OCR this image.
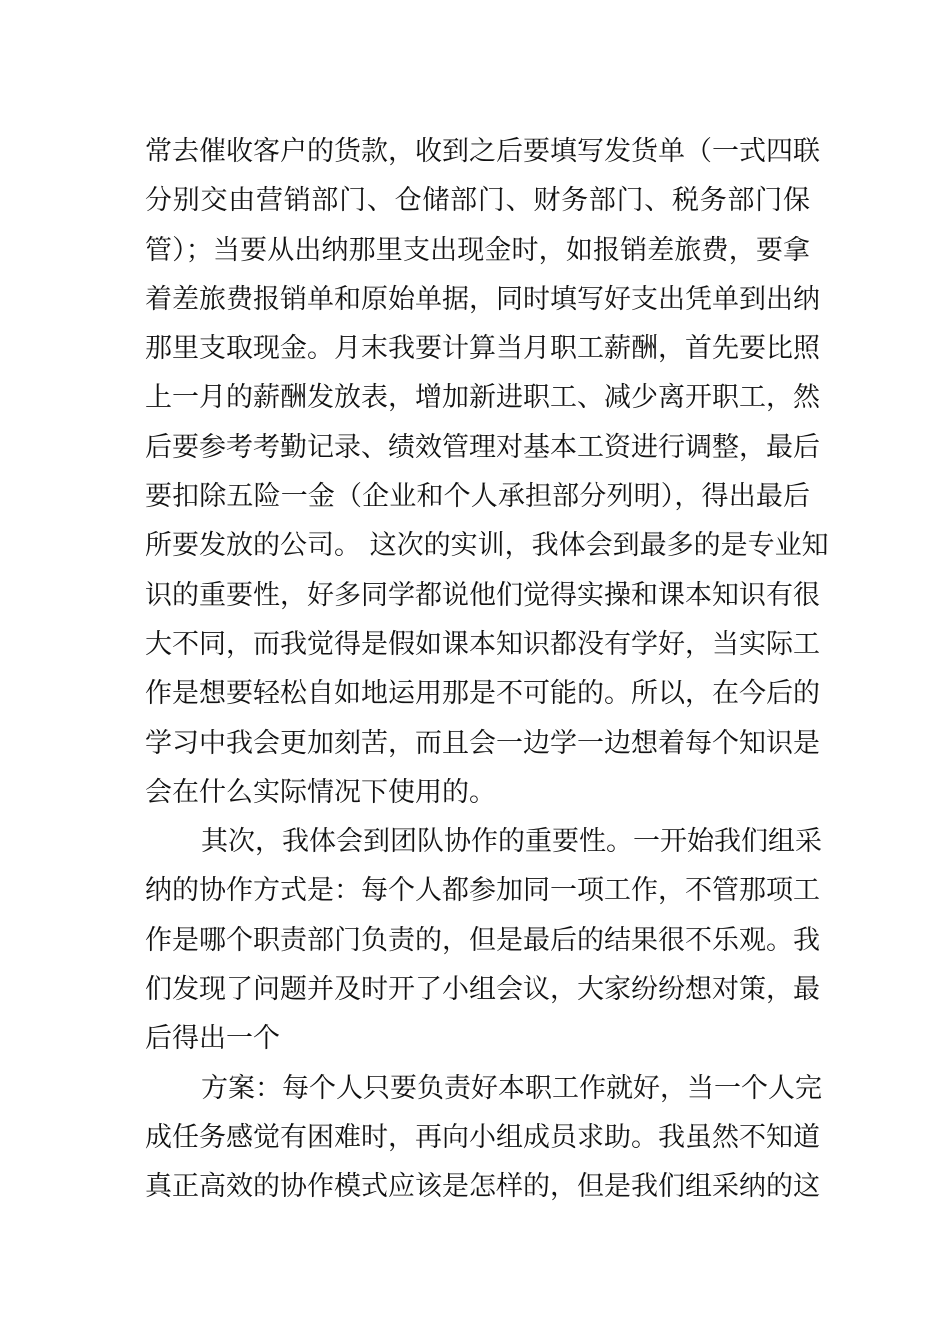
常去催收客户的货款，收到之后要填写发货单（一式四联
分别交由营销部门、仓储部门、财务部门、税务部门保
管）；当要从出纳那里支出现金时，如报销差旅费，要拿
着差旅费报销单和原始单据，同时填写好支出凭单到出纳
那里支取现金。月末我要计算当月职工薪酬，首先要比照
上一月的薪酬发放表，增加新进职工、减少离开职工，然
后要参考考勤记录、绩效管理对基本工资进行调整，最后
要扣除五险一金（企业和个人承担部分列明），得出最后
所要发放的公司。 这次的实训，我体会到最多的是专业知
识的重要性，好多同学都说他们觉得实操和课本知识有很
大不同，而我觉得是假如课本知识都没有学好，当实际工
作是想要轻松自如地运用那是不可能的。所以，在今后的
学习中我会更加刻苦，而且会一边学一边想着每个知识是
会在什么实际情况下使用的。
其次，我体会到团队协作的重要性。一开始我们组采
纳的协作方式是：每个人都参加同一项工作，不管那项工
作是哪个职责部门负责的，但是最后的结果很不乐观。我
们发现了问题并及时开了小组会议，大家纷纷想对策，最
后得出一个
方案：每个人只要负责好本职工作就好，当一个人完
成任务感觉有困难时，再向小组成员求助。我虽然不知道
真正高效的协作模式应该是怎样的，但是我们组采纳的这
